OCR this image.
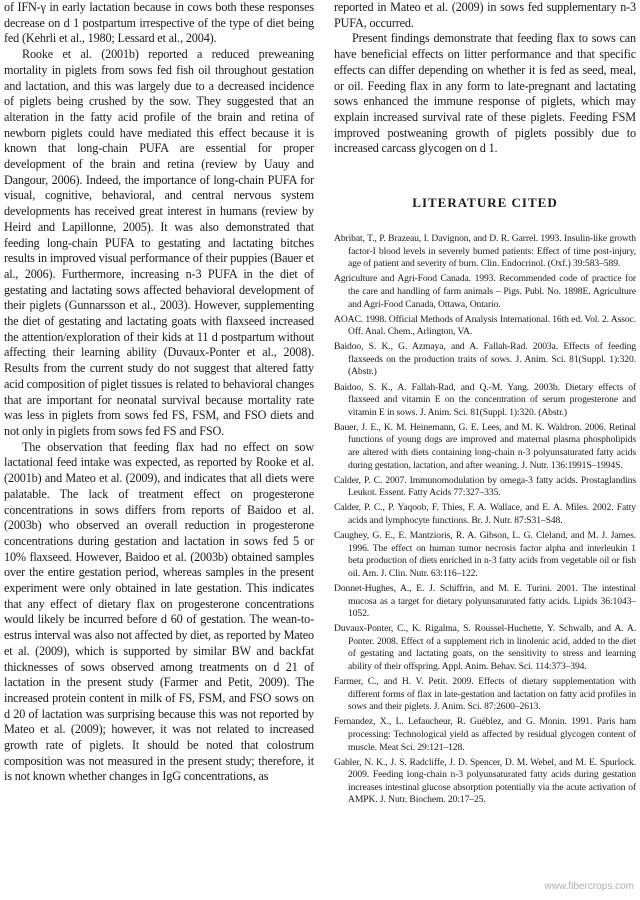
of IFN-γ in early lactation because in cows both these responses decrease on d 1 postpartum irrespective of the type of diet being fed (Kehrli et al., 1980; Lessard et al., 2004).

Rooke et al. (2001b) reported a reduced preweaning mortality in piglets from sows fed fish oil throughout gestation and lactation, and this was largely due to a decreased incidence of piglets being crushed by the sow. They suggested that an alteration in the fatty acid profile of the brain and retina of newborn piglets could have mediated this effect because it is known that long-chain PUFA are essential for proper development of the brain and retina (review by Uauy and Dangour, 2006). Indeed, the importance of long-chain PUFA for visual, cognitive, behavioral, and central nervous system developments has received great interest in humans (review by Heird and Lapillonne, 2005). It was also demonstrated that feeding long-chain PUFA to gestating and lactating bitches results in improved visual performance of their puppies (Bauer et al., 2006). Furthermore, increasing n-3 PUFA in the diet of gestating and lactating sows affected behavioral development of their piglets (Gunnarsson et al., 2003). However, supplementing the diet of gestating and lactating goats with flaxseed increased the attention/exploration of their kids at 11 d postpartum without affecting their learning ability (Duvaux-Ponter et al., 2008). Results from the current study do not suggest that altered fatty acid composition of piglet tissues is related to behavioral changes that are important for neonatal survival because mortality rate was less in piglets from sows fed FS, FSM, and FSO diets and not only in piglets from sows fed FS and FSO.

The observation that feeding flax had no effect on sow lactational feed intake was expected, as reported by Rooke et al. (2001b) and Mateo et al. (2009), and indicates that all diets were palatable. The lack of treatment effect on progesterone concentrations in sows differs from reports of Baidoo et al. (2003b) who observed an overall reduction in progesterone concentrations during gestation and lactation in sows fed 5 or 10% flaxseed. However, Baidoo et al. (2003b) obtained samples over the entire gestation period, whereas samples in the present experiment were only obtained in late gestation. This indicates that any effect of dietary flax on progesterone concentrations would likely be incurred before d 60 of gestation. The wean-to-estrus interval was also not affected by diet, as reported by Mateo et al. (2009), which is supported by similar BW and backfat thicknesses of sows observed among treatments on d 21 of lactation in the present study (Farmer and Petit, 2009). The increased protein content in milk of FS, FSM, and FSO sows on d 20 of lactation was surprising because this was not reported by Mateo et al. (2009); however, it was not related to increased growth rate of piglets. It should be noted that colostrum composition was not measured in the present study; therefore, it is not known whether changes in IgG concentrations, as

reported in Mateo et al. (2009) in sows fed supplementary n-3 PUFA, occurred.

Present findings demonstrate that feeding flax to sows can have beneficial effects on litter performance and that specific effects can differ depending on whether it is fed as seed, meal, or oil. Feeding flax in any form to late-pregnant and lactating sows enhanced the immune response of piglets, which may explain increased survival rate of these piglets. Feeding FSM improved postweaning growth of piglets possibly due to increased carcass glycogen on d 1.

LITERATURE CITED

Abribat, T., P. Brazeau, I. Davignon, and D. R. Garrel. 1993. Insulin-like growth factor-I blood levels in severely burned patients: Effect of time post-injury, age of patient and severity of burn. Clin. Endocrinol. (Oxf.) 39:583–589.

Agriculture and Agri-Food Canada. 1993. Recommended code of practice for the care and handling of farm animals – Pigs. Publ. No. 1898E. Agriculture and Agri-Food Canada, Ottawa, Ontario.

AOAC. 1998. Official Methods of Analysis International. 16th ed. Vol. 2. Assoc. Off. Anal. Chem., Arlington, VA.

Baidoo, S. K., G. Azmaya, and A. Fallah-Rad. 2003a. Effects of feeding flaxseeds on the production traits of sows. J. Anim. Sci. 81(Suppl. 1):320. (Abstr.)

Baidoo, S. K., A. Fallah-Rad, and Q.-M. Yang. 2003b. Dietary effects of flaxseed and vitamin E on the concentration of serum progesterone and vitamin E in sows. J. Anim. Sci. 81(Suppl. 1):320. (Abstr.)

Bauer, J. E., K. M. Heinemann, G. E. Lees, and M. K. Waldron. 2006. Retinal functions of young dogs are improved and maternal plasma phospholipids are altered with diets containing long-chain n-3 polyunsaturated fatty acids during gestation, lactation, and after weaning. J. Nutr. 136:1991S–1994S.

Calder, P. C. 2007. Immunomodulation by omega-3 fatty acids. Prostaglandins Leukot. Essent. Fatty Acids 77:327–335.

Calder, P. C., P. Yaqoob, F. Thies, F. A. Wallace, and E. A. Miles. 2002. Fatty acids and lymphocyte functions. Br. J. Nutr. 87:S31–S48.

Caughey, G. E., E. Mantzioris, R. A. Gibson, L. G. Cleland, and M. J. James. 1996. The effect on human tumor necrosis factor alpha and interleukin 1 beta production of diets enriched in n-3 fatty acids from vegetable oil or fish oil. Am. J. Clin. Nutr. 63:116–122.

Donnet-Hughes, A., E. J. Schiffrin, and M. E. Turini. 2001. The intestinal mucosa as a target for dietary polyunsaturated fatty acids. Lipids 36:1043–1052.

Duvaux-Ponter, C., K. Rigalma, S. Roussel-Huchette, Y. Schwalb, and A. A. Ponter. 2008. Effect of a supplement rich in linolenic acid, added to the diet of gestating and lactating goats, on the sensitivity to stress and learning ability of their offspring. Appl. Anim. Behav. Sci. 114:373–394.

Farmer, C., and H. V. Petit. 2009. Effects of dietary supplementation with different forms of flax in late-gestation and lactation on fatty acid profiles in sows and their piglets. J. Anim. Sci. 87:2600–2613.

Fernandez, X., L. Lefaucheur, R. Guéblez, and G. Monin. 1991. Paris ham processing: Technological yield as affected by residual glycogen content of muscle. Meat Sci. 29:121–128.

Gabler, N. K., J. S. Radcliffe, J. D. Spencer, D. M. Webel, and M. E. Spurlock. 2009. Feeding long-chain n-3 polyunsaturated fatty acids during gestation increases intestinal glucose absorption potentially via the acute activation of AMPK. J. Nutr. Biochem. 20:17–25.

www.fibercrops.com
